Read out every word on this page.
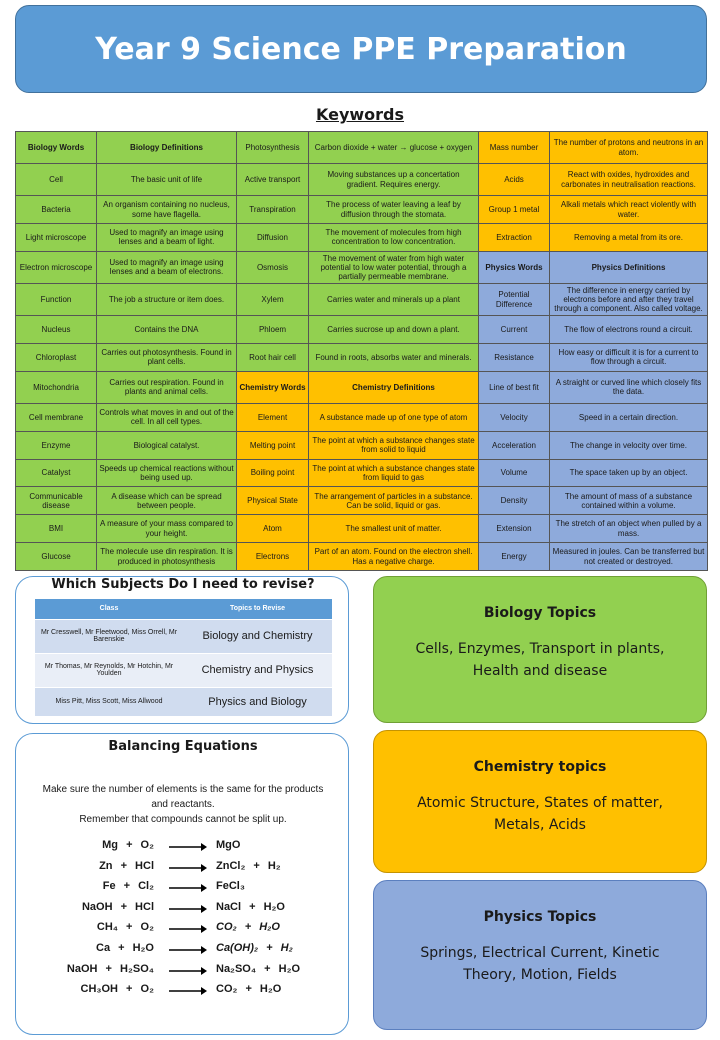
Year 9 Science PPE Preparation
Keywords
Biology Words	Biology Definitions	Photosynthesis	Carbon dioxide + water → glucose + oxygen	Mass number	The number of protons and neutrons in an atom.
Cell	The basic unit of life	Active transport	Moving substances up a concertation gradient. Requires energy.	Acids	React with oxides, hydroxides and carbonates in neutralisation reactions.
Bacteria	An organism containing no nucleus, some have flagella.	Transpiration	The process of water leaving a leaf by diffusion through the stomata.	Group 1 metal	Alkali metals which react violently with water.
Light microscope	Used to magnify an image using lenses and a beam of light.	Diffusion	The movement of molecules from high concentration to low concentration.	Extraction	Removing a metal from its ore.
Electron microscope	Used to magnify an image using lenses and a beam of electrons.	Osmosis	The movement of water from high water potential to low water potential, through a partially permeable membrane.	Physics Words	Physics Definitions
Function	The job a structure or item does.	Xylem	Carries water and minerals up a plant	Potential Difference	The difference in energy carried by electrons before and after they travel through a component. Also called voltage.
Nucleus	Contains the DNA	Phloem	Carries sucrose up and down a plant.	Current	The flow of electrons round a circuit.
Chloroplast	Carries out photosynthesis. Found in plant cells.	Root hair cell	Found in roots, absorbs water and minerals.	Resistance	How easy or difficult it is for a current to flow through a circuit.
Mitochondria	Carries out respiration. Found in plants and animal cells.	Chemistry Words	Chemistry Definitions	Line of best fit	A straight or curved line which closely fits the data.
Cell membrane	Controls what moves in and out of the cell. In all cell types.	Element	A substance made up of one type of atom	Velocity	Speed in a certain direction.
Enzyme	Biological catalyst.	Melting point	The point at which a substance changes state from solid to liquid	Acceleration	The change in velocity over time.
Catalyst	Speeds up chemical reactions without being used up.	Boiling point	The point at which a substance changes state from liquid to gas	Volume	The space taken up by an object.
Communicable disease	A disease which can be spread between people.	Physical State	The arrangement of particles in a substance. Can be solid, liquid or gas.	Density	The amount of mass of a substance contained within a volume.
BMI	A measure of your mass compared to your height.	Atom	The smallest unit of matter.	Extension	The stretch of an object when pulled by a mass.
Glucose	The molecule use din respiration. It is produced in photosynthesis	Electrons	Part of an atom. Found on the electron shell. Has a negative charge.	Energy	Measured in joules. Can be transferred but not created or destroyed.
Which Subjects Do I need to revise?
Class	Topics to Revise
Mr Cresswell, Mr Fleetwood, Miss Orrell, Mr Barenskie	Biology and Chemistry
Mr Thomas, Mr Reynolds, Mr Hotchin, Mr Youlden	Chemistry and Physics
Miss Pitt, Miss Scott, Miss Allwood	Physics and Biology
Balancing Equations
Make sure the number of elements is the same for the products and reactants.
Remember that compounds cannot be split up.
Mg + O₂ → MgO
Zn + HCl → ZnCl₂ + H₂
Fe + Cl₂ → FeCl₃
NaOH + HCl → NaCl + H₂O
CH₄ + O₂ → CO₂ + H₂O
Ca + H₂O → Ca(OH)₂ + H₂
NaOH + H₂SO₄ → Na₂SO₄ + H₂O
CH₃OH + O₂ → CO₂ + H₂O
Biology Topics

Cells, Enzymes, Transport in plants, Health and disease

Chemistry topics

Atomic Structure, States of matter, Metals, Acids

Physics Topics

Springs, Electrical Current, Kinetic Theory, Motion, Fields
